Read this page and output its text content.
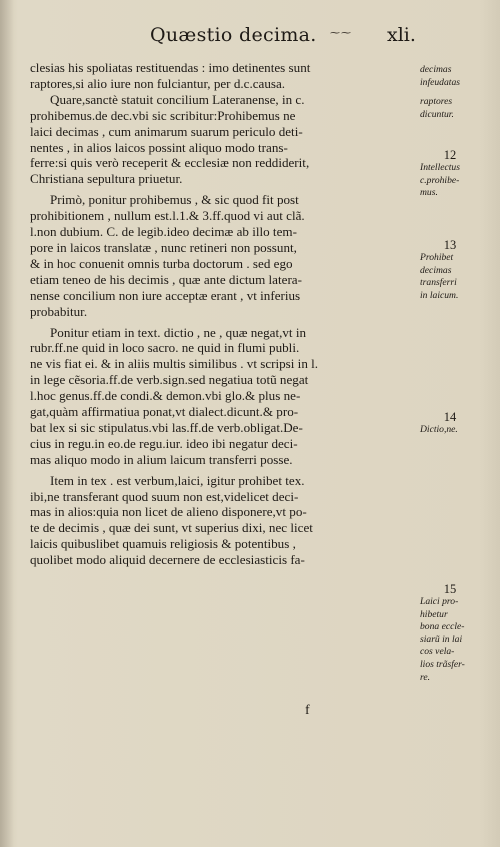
Quæstio decima. ⁓⁓ xli.
clesias his spoliatas restituendas : imo detinentes sunt
raptores,si alio iure non fulciantur, per d.c.causa.
Quare,sanctè statuit concilium Lateranense, in c.
prohibemus.de dec.vbi sic scribitur:Prohibemus ne
laici decimas , cum animarum suarum periculo deti-
nentes , in alios laicos possint aliquo modo trans-
ferre:si quis verò receperit & ecclesiæ non reddiderit,
Christiana sepultura priuetur.
Primò, ponitur prohibemus , & sic quod fit post
prohibitionem , nullum est.l.1.& 3.ff.quod vi aut clã.
l.non dubium. C. de legib.ideo decimæ ab illo tem-
pore in laicos translatæ , nunc retineri non possunt,
& in hoc conuenit omnis turba doctorum . sed ego
etiam teneo de his decimis , quæ ante dictum latera-
nense concilium non iure acceptæ erant , vt inferius
probabitur.
Ponitur etiam in text. dictio , ne , quæ negat,vt in
rubr.ff.ne quid in loco sacro. ne quid in flumi publi.
ne vis fiat ei. & in aliis multis similibus . vt scripsi in l.
in lege cẽsoria.ff.de verb.sign.sed negatiua totũ negat
l.hoc genus.ff.de condi.& demon.vbi glo.& plus ne-
gat,quàm affirmatiua ponat,vt dialect.dicunt.& pro-
bat lex si sic stipulatus.vbi las.ff.de verb.obligat.De-
cius in regu.in eo.de regu.iur. ideo ibi negatur deci-
mas aliquo modo in alium laicum transferri posse.
Item in tex . est verbum,laici, igitur prohibet tex.
ibi,ne transferant quod suum non est,videlicet deci-
mas in alios:quia non licet de alieno disponere,vt po-
te de decimis , quæ dei sunt, vt superius dixi, nec licet
laicis quibuslibet quamuis religiosis & potentibus ,
quolibet modo aliquid decernere de ecclesiasticis fa-
decimas
infeudatas
raptores
dicuntur.
12
Intellectus
c.prohibe-
mus.
13
Prohibet
decimas
transferri
in laicum.
14
Dictio,ne.
15
Laici pro-
hibetur
bona eccle-
siarũ in lai
cos vela-
lios trãsfer-
re.
f
